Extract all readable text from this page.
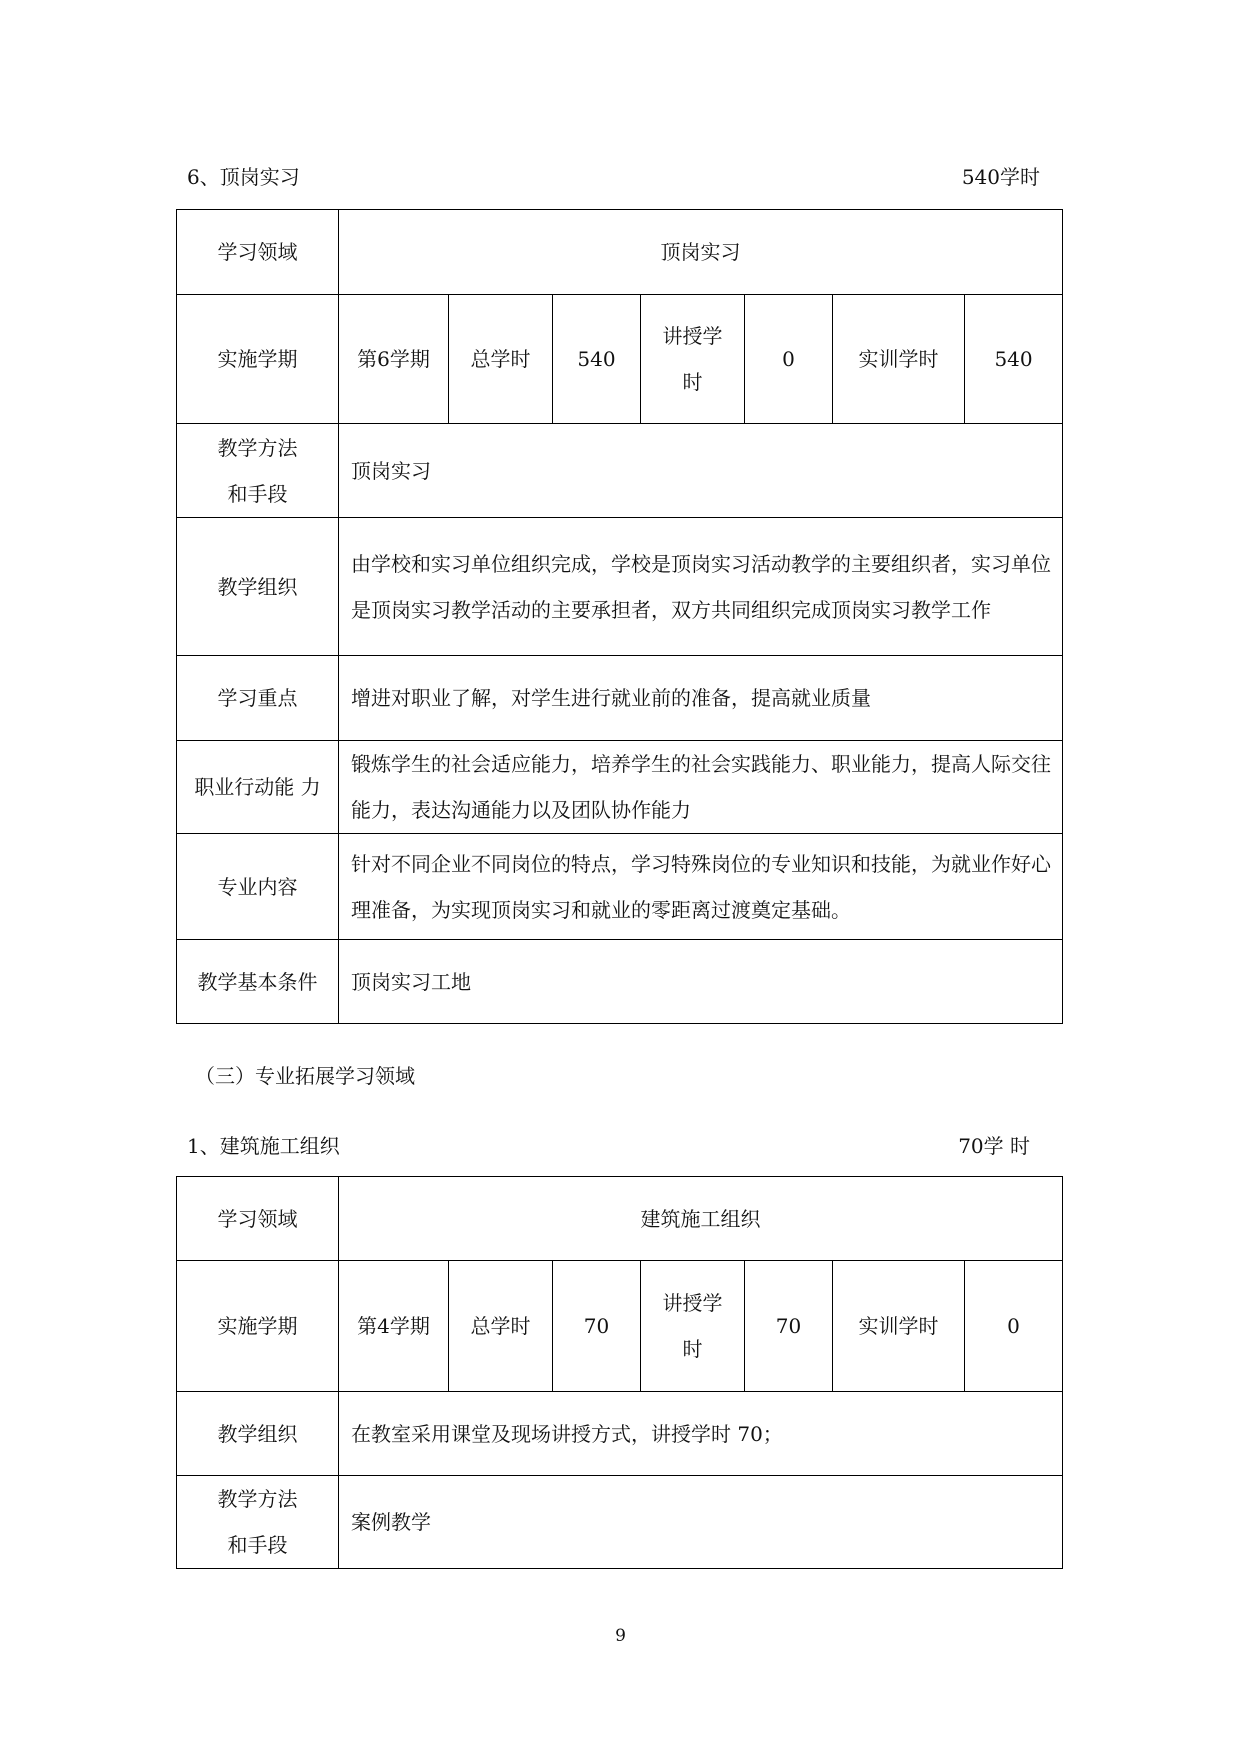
6、顶岗实习	540学时
学习领域	顶岗实习						
实施学期	第6学期	总学时	540	讲授学时	0	实训学时	540
教学方法和手段	顶岗实习						
教学组织	由学校和实习单位组织完成，学校是顶岗实习活动教学的主要组织者，实习单位是顶岗实习教学活动的主要承担者，双方共同组织完成顶岗实习教学工作						
学习重点	增进对职业了解，对学生进行就业前的准备，提高就业质量						
职业行动能 力	锻炼学生的社会适应能力，培养学生的社会实践能力、职业能力，提高人际交往能力，表达沟通能力以及团队协作能力						
专业内容	针对不同企业不同岗位的特点，学习特殊岗位的专业知识和技能，为就业作好心理准备，为实现顶岗实习和就业的零距离过渡奠定基础。						
教学基本条件	顶岗实习工地						
（三）专业拓展学习领域
1、建筑施工组织	70学 时
学习领域	建筑施工组织						
实施学期	第4学期	总学时	70	讲授学时	70	实训学时	0
教学组织	在教室采用课堂及现场讲授方式，讲授学时 70；						
教学方法和手段	案例教学						
9
